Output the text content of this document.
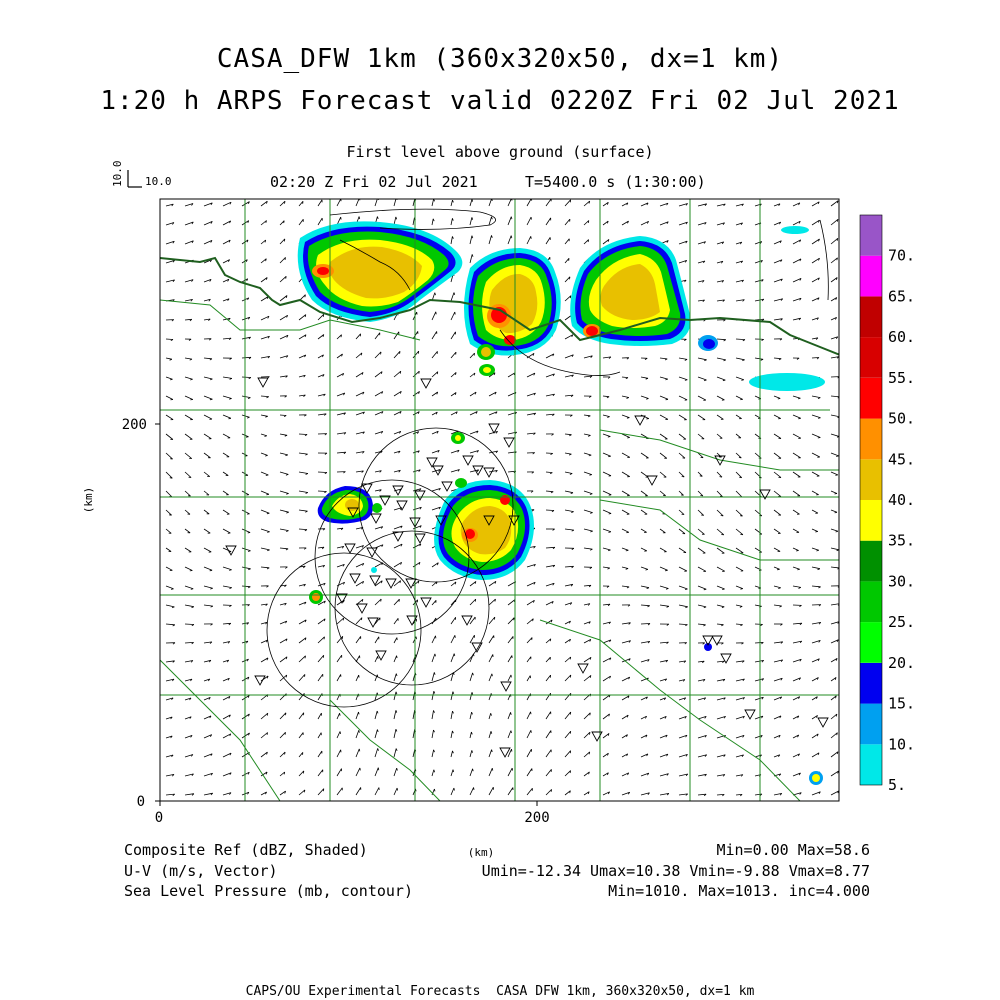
CASA_DFW 1km (360x320x50, dx=1 km)
1:20 h ARPS Forecast valid 0220Z Fri 02 Jul 2021
First level above ground (surface)
02:20 Z Fri 02 Jul 2021	T=5400.0 s (1:30:00)
10.0 10.0
0
200
0	200
(km)
(km)
5.
10.
15.
20.
25.
30.
35.
40.
45.
50.
55.
60.
65.
70.
Composite Ref (dBZ, Shaded)	Min=0.00 Max=58.6
U-V (m/s, Vector)	Umin=-12.34 Umax=10.38 Vmin=-9.88 Vmax=8.77
Sea Level Pressure (mb, contour)	Min=1010. Max=1013. inc=4.000
CAPS/OU Experimental Forecasts  CASA DFW 1km, 360x320x50, dx=1 km
